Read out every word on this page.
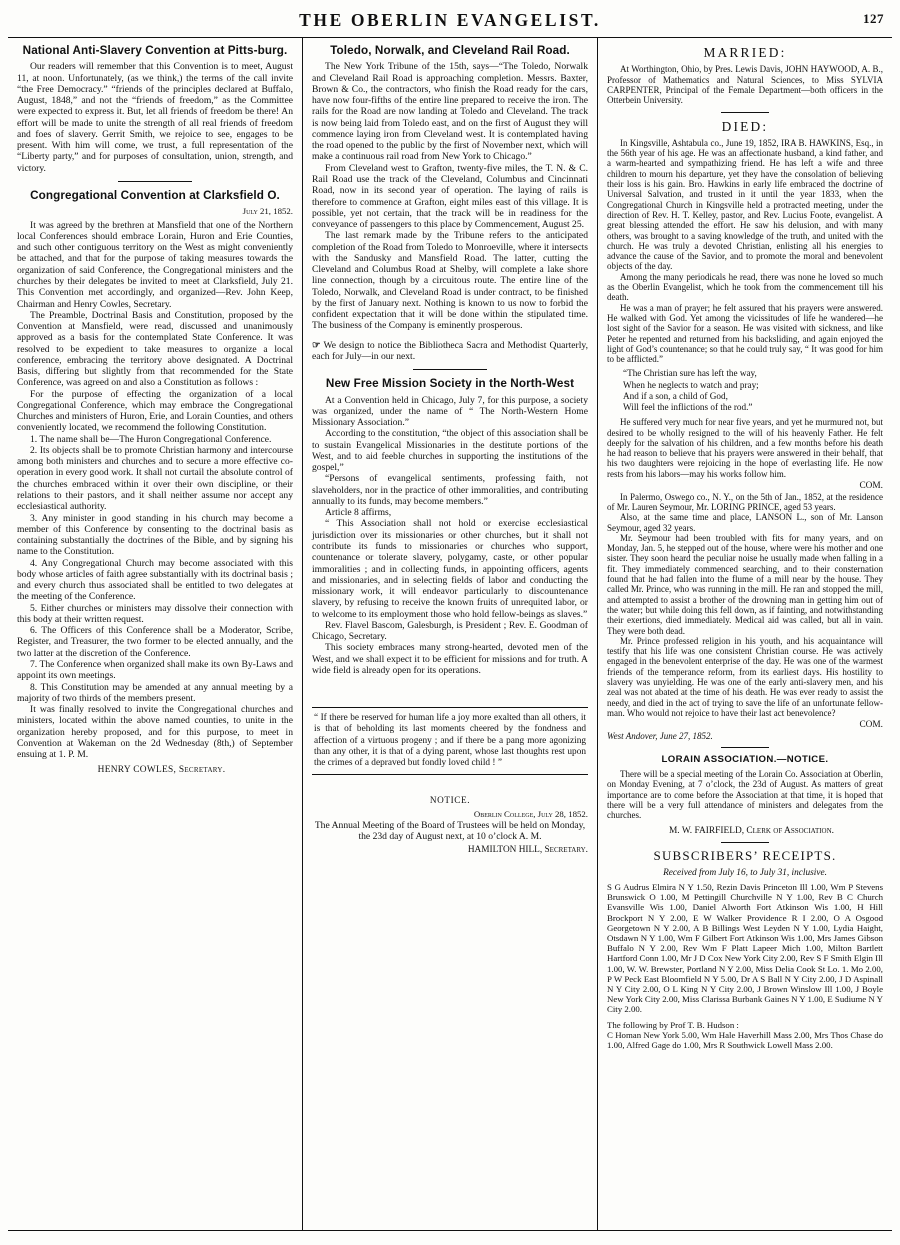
THE OBERLIN EVANGELIST.	127
National Anti-Slavery Convention at Pitts-burg.

Our readers will remember that this Convention is to meet, August 11, at noon. Unfortunately, (as we think,) the terms of the call invite “the Free Democracy.” “friends of the principles declared at Buffalo, August, 1848,” and not the “friends of freedom,” as the Committee were expected to express it. But, let all friends of freedom be there! An effort will be made to unite the strength of all real friends of freedom and foes of slavery. Gerrit Smith, we rejoice to see, engages to be present. With him will come, we trust, a full representation of the “Liberty party,” and for purposes of consultation, union, strength, and victory.

Congregational Convention at Clarksfield O.
July 21, 1852.

It was agreed by the brethren at Mansfield that one of the Northern local Conferences should embrace Lorain, Huron and Erie Counties, and such other contiguous territory on the West as might conveniently be attached, and that for the purpose of taking measures towards the organization of said Conference, the Congregational ministers and the churches by their delegates be invited to meet at Clarksfield, July 21. This Convention met accordingly, and organized—Rev. John Keep, Chairman and Henry Cowles, Secretary.

The Preamble, Doctrinal Basis and Constitution, proposed by the Convention at Mansfield, were read, discussed and unanimously approved as a basis for the contemplated State Conference. It was resolved to be expedient to take measures to organize a local conference, embracing the territory above designated. A Doctrinal Basis, differing but slightly from that recommended for the State Conference, was agreed on and also a Constitution as follows :

For the purpose of effecting the organization of a local Congregational Conference, which may embrace the Congregational Churches and ministers of Huron, Erie, and Lorain Counties, and others conveniently located, we recommend the following Constitution.

1. The name shall be—The Huron Congregational Conference.

2. Its objects shall be to promote Christian harmony and intercourse among both ministers and churches and to secure a more effective co-operation in every good work. It shall not curtail the absolute control of the churches embraced within it over their own discipline, or their relations to their pastors, and it shall neither assume nor accept any ecclesiastical authority.

3. Any minister in good standing in his church may become a member of this Conference by consenting to the doctrinal basis as containing substantially the doctrines of the Bible, and by signing his name to the Constitution.

4. Any Congregational Church may become associated with this body whose articles of faith agree substantially with its doctrinal basis ; and every church thus associated shall be entitled to two delegates at the meeting of the Conference.

5. Either churches or ministers may dissolve their connection with this body at their written request.

6. The Officers of this Conference shall be a Moderator, Scribe, Register, and Treasurer, the two former to be elected annually, and the two latter at the discretion of the Conference.

7. The Conference when organized shall make its own By-Laws and appoint its own meetings.

8. This Constitution may be amended at any annual meeting by a majority of two thirds of the members present.

It was finally resolved to invite the Congregational churches and ministers, located within the above named counties, to unite in the organization hereby proposed, and for this purpose, to meet in Convention at Wakeman on the 2d Wednesday (8th,) of September ensuing at 1. P. M.

HENRY COWLES, Secretary.

Toledo, Norwalk, and Cleveland Rail Road.

The New York Tribune of the 15th, says—“The Toledo, Norwalk and Cleveland Rail Road is approaching completion. Messrs. Baxter, Brown & Co., the contractors, who finish the Road ready for the cars, have now four-fifths of the entire line prepared to receive the iron. The rails for the Road are now landing at Toledo and Cleveland. The track is now being laid from Toledo east, and on the first of August they will commence laying iron from Cleveland west. It is contemplated having the road opened to the public by the first of November next, which will make a continuous rail road from New York to Chicago.”

From Cleveland west to Grafton, twenty-five miles, the T. N. & C. Rail Road use the track of the Cleveland, Columbus and Cincinnati Road, now in its second year of operation. The laying of rails is therefore to commence at Grafton, eight miles east of this village. It is possible, yet not certain, that the track will be in readiness for the conveyance of passengers to this place by Commencement, August 25.

The last remark made by the Tribune refers to the anticipated completion of the Road from Toledo to Monroeville, where it intersects with the Sandusky and Mansfield Road. The latter, cutting the Cleveland and Columbus Road at Shelby, will complete a lake shore line connection, though by a circuitous route. The entire line of the Toledo, Norwalk, and Cleveland Road is under contract, to be finished by the first of January next. Nothing is known to us now to forbid the confident expectation that it will be done within the stipulated time. The business of the Company is eminently prosperous.

☞ We design to notice the Bibliotheca Sacra and Methodist Quarterly, each for July—in our next.

New Free Mission Society in the North-West

At a Convention held in Chicago, July 7, for this purpose, a society was organized, under the name of “ The North-Western Home Missionary Association.”

According to the constitution, “the object of this association shall be to sustain Evangelical Missionaries in the destitute portions of the West, and to aid feeble churches in supporting the institutions of the gospel,”

“Persons of evangelical sentiments, professing faith, not slaveholders, nor in the practice of other immoralities, and contributing annually to its funds, may become members.”

Article 8 affirms,

“ This Association shall not hold or exercise ecclesiastical jurisdiction over its missionaries or other churches, but it shall not contribute its funds to missionaries or churches who support, countenance or tolerate slavery, polygamy, caste, or other popular immoralities ; and in collecting funds, in appointing officers, agents and missionaries, and in selecting fields of labor and conducting the missionary work, it will endeavor particularly to discountenance slavery, by refusing to receive the known fruits of unrequited labor, or to welcome to its employment those who hold fellow-beings as slaves.”

Rev. Flavel Bascom, Galesburgh, is President ; Rev. E. Goodman of Chicago, Secretary.

This society embraces many strong-hearted, devoted men of the West, and we shall expect it to be efficient for missions and for truth. A wide field is already open for its operations.

“ If there be reserved for human life a joy more exalted than all others, it is that of beholding its last moments cheered by the fondness and affection of a virtuous progeny ; and if there be a pang more agonizing than any other, it is that of a dying parent, whose last thoughts rest upon the crimes of a depraved but fondly loved child ! ”

NOTICE.

Oberlin College, July 28, 1852.

The Annual Meeting of the Board of Trustees will be held on Monday, the 23d day of August next, at 10 o’clock A. M.

HAMILTON HILL, Secretary.

MARRIED:

At Worthington, Ohio, by Pres. Lewis Davis, JOHN HAYWOOD, A. B., Professor of Mathematics and Natural Sciences, to Miss SYLVIA CARPENTER, Principal of the Female Department—both officers in the Otterbein University.

DIED:

In Kingsville, Ashtabula co., June 19, 1852, IRA B. HAWKINS, Esq., in the 56th year of his age. He was an affectionate husband, a kind father, and a warm-hearted and sympathizing friend. He has left a wife and three children to mourn his departure, yet they have the consolation of believing their loss is his gain. Bro. Hawkins in early life embraced the doctrine of Universal Salvation, and trusted in it until the year 1833, when the Congregational Church in Kingsville held a protracted meeting, under the direction of Rev. H. T. Kelley, pastor, and Rev. Lucius Foote, evangelist. A great blessing attended the effort. He saw his delusion, and with many others, was brought to a saving knowledge of the truth, and united with the church. He was truly a devoted Christian, enlisting all his energies to advance the cause of the Savior, and to promote the moral and benevolent objects of the day.

Among the many periodicals he read, there was none he loved so much as the Oberlin Evangelist, which he took from the commencement till his death.

He was a man of prayer; he felt assured that his prayers were answered. He walked with God. Yet among the vicissitudes of life he wandered—he lost sight of the Savior for a season. He was visited with sickness, and like Peter he repented and returned from his backsliding, and again enjoyed the light of God’s countenance; so that he could truly say, “ It was good for him to be afflicted.”

“The Christian sure has left the way,
When he neglects to watch and pray;
And if a son, a child of God,
Will feel the inflictions of the rod.”

He suffered very much for near five years, and yet he murmured not, but desired to be wholly resigned to the will of his heavenly Father. He felt deeply for the salvation of his children, and a few months before his death he had reason to believe that his prayers were answered in their behalf, that his two daughters were rejoicing in the hope of everlasting life. He now rests from his labors—may his works follow him.

COM.

In Palermo, Oswego co., N. Y., on the 5th of Jan., 1852, at the residence of Mr. Lauren Seymour, Mr. LORING PRINCE, aged 53 years.

Also, at the same time and place, LANSON L., son of Mr. Lanson Seymour, aged 32 years.

Mr. Seymour had been troubled with fits for many years, and on Monday, Jan. 5, he stepped out of the house, where were his mother and one sister. They soon heard the peculiar noise he usually made when falling in a fit. They immediately commenced searching, and to their consternation found that he had fallen into the flume of a mill near by the house. They called Mr. Prince, who was running in the mill. He ran and stopped the mill, and attempted to assist a brother of the drowning man in getting him out of the water; but while doing this fell down, as if fainting, and notwithstanding their exertions, died immediately. Medical aid was called, but all in vain. They were both dead.

Mr. Prince professed religion in his youth, and his acquaintance will testify that his life was one consistent Christian course. He was actively engaged in the benevolent enterprise of the day. He was one of the warmest friends of the temperance reform, from its earliest days. His hostility to slavery was unyielding. He was one of the early anti-slavery men, and his zeal was not abated at the time of his death. He was ever ready to assist the needy, and died in the act of trying to save the life of an unfortunate fellow-man. Who would not rejoice to have their last act benevolence?

COM.

West Andover, June 27, 1852.

LORAIN ASSOCIATION.—NOTICE.

There will be a special meeting of the Lorain Co. Association at Oberlin, on Monday Evening, at 7 o’clock, the 23d of August. As matters of great importance are to come before the Association at that time, it is hoped that there will be a very full attendance of ministers and delegates from the churches.

M. W. FAIRFIELD, Clerk of Association.

SUBSCRIBERS’ RECEIPTS.

Received from July 16, to July 31, inclusive.

S G Audrus Elmira N Y 1.50, Rezin Davis Princeton Ill 1.00, Wm P Stevens Brunswick O 1.00, M Pettingill Churchville N Y 1.00, Rev B C Church Evansville Wis 1.00, Daniel Alworth Fort Atkinson Wis 1.00, H Hill Brockport N Y 2.00, E W Walker Providence R I 2.00, O A Osgood Georgetown N Y 2.00, A B Billings West Leyden N Y 1.00, Lydia Haight, Otsdawn N Y 1.00, Wm F Gilbert Fort Atkinson Wis 1.00, Mrs James Gibson Buffalo N Y 2.00, Rev Wm F Platt Lapeer Mich 1.00, Milton Bartlett Hartford Conn 1.00, Mr J D Cox New York City 2.00, Rev S F Smith Elgin Ill 1.00, W. W. Brewster, Portland N Y 2.00, Miss Delia Cook St Lo. 1. Mo 2.00, P W Peck East Bloomfield N Y 5.00, Dr A S Ball N Y City 2.00, J D Aspinall N Y City 2.00, O L King N Y City 2.00, J Brown Winslow Ill 1.00, J Boyle New York City 2.00, Miss Clarissa Burbank Gaines N Y 1.00, E Sudiume N Y City 2.00.

The following by Prof T. B. Hudson :

C Homan New York 5.00, Wm Hale Haverhill Mass 2.00, Mrs Thos Chase do 1.00, Alfred Gage do 1.00, Mrs R Southwick Lowell Mass 2.00.
